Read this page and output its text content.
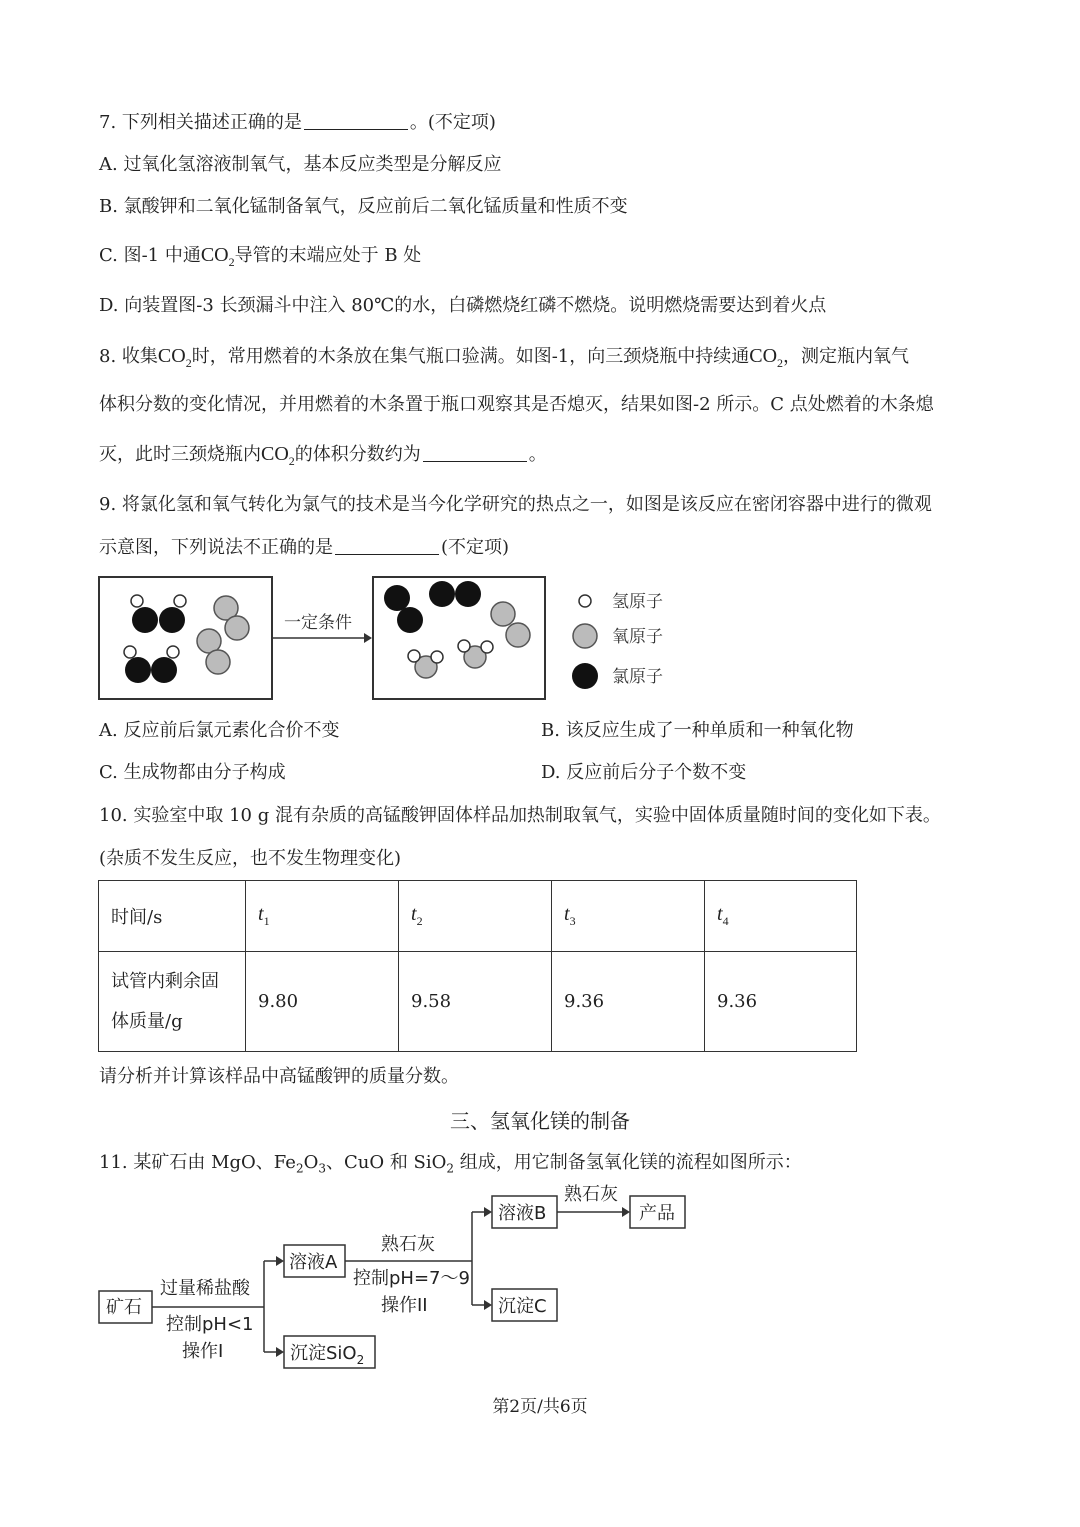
7. 下列相关描述正确的是	。(不定项)
A. 过氧化氢溶液制氧气，基本反应类型是分解反应
B. 氯酸钾和二氧化锰制备氧气，反应前后二氧化锰质量和性质不变
C. 图-1 中通$CO_2$导管的末端应处于 B 处
D. 向装置图-3 长颈漏斗中注入 80℃的水，白磷燃烧红磷不燃烧。说明燃烧需要达到着火点
8. 收集$CO_2$时，常用燃着的木条放在集气瓶口验满。如图-1，向三颈烧瓶中持续通$CO_2$，测定瓶内氧气
体积分数的变化情况，并用燃着的木条置于瓶口观察其是否熄灭，结果如图-2 所示。C 点处燃着的木条熄
灭，此时三颈烧瓶内$CO_2$的体积分数约为	。
9. 将氯化氢和氧气转化为氯气的技术是当今化学研究的热点之一，如图是该反应在密闭容器中进行的微观
示意图，下列说法不正确的是	(不定项)
一定条件
氢原子
氧原子
氯原子
矿石
过量稀盐酸
控制pH<1
操作I
溶液A
沉淀SiO$_2$
熟石灰
控制pH=7～9
操作II
溶液B
沉淀C
熟石灰
产品
A. 反应前后氯元素化合价不变	B. 该反应生成了一种单质和一种氧化物
C. 生成物都由分子构成	D. 反应前后分子个数不变
10. 实验室中取 10 g 混有杂质的高锰酸钾固体样品加热制取氧气，实验中固体质量随时间的变化如下表。
(杂质不发生反应，也不发生物理变化)
时间/s	$t_1$	$t_2$	$t_3$	$t_4$
试管内剩余固
体质量/g	9.80	9.58	9.36	9.36
请分析并计算该样品中高锰酸钾的质量分数。
三、氢氧化镁的制备
11. 某矿石由 MgO、$Fe_2O_3$、CuO 和 SiO$_2$ 组成，用它制备氢氧化镁的流程如图所示：
第2页/共6页
